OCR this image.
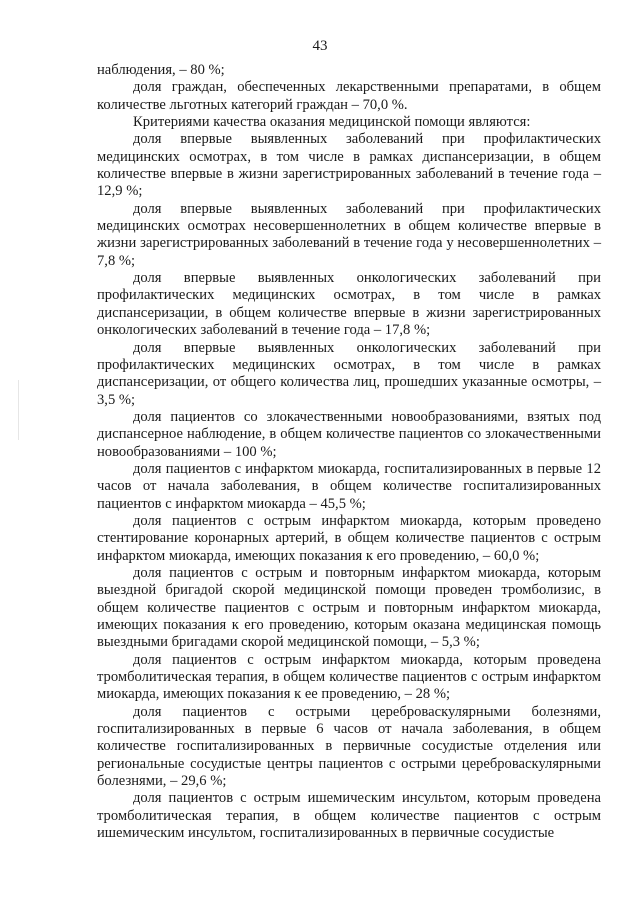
43

наблюдения, – 80 %;

доля граждан, обеспеченных лекарственными препаратами, в общем количестве льготных категорий граждан – 70,0 %.

Критериями качества оказания медицинской помощи являются:

доля впервые выявленных заболеваний при профилактических медицинских осмотрах, в том числе в рамках диспансеризации, в общем количестве впервые в жизни зарегистрированных заболеваний в течение года – 12,9 %;

доля впервые выявленных заболеваний при профилактических медицинских осмотрах несовершеннолетних в общем количестве впервые в жизни зарегистрированных заболеваний в течение года у несовершеннолетних – 7,8 %;

доля впервые выявленных онкологических заболеваний при профилактических медицинских осмотрах, в том числе в рамках диспансеризации, в общем количестве впервые в жизни зарегистрированных онкологических заболеваний в течение года – 17,8 %;

доля впервые выявленных онкологических заболеваний при профилактических медицинских осмотрах, в том числе в рамках диспансеризации, от общего количества лиц, прошедших указанные осмотры, – 3,5 %;

доля пациентов со злокачественными новообразованиями, взятых под диспансерное наблюдение, в общем количестве пациентов со злокачественными новообразованиями – 100 %;

доля пациентов с инфарктом миокарда, госпитализированных в первые 12 часов от начала заболевания, в общем количестве госпитализированных пациентов с инфарктом миокарда – 45,5 %;

доля пациентов с острым инфарктом миокарда, которым проведено стентирование коронарных артерий, в общем количестве пациентов с острым инфарктом миокарда, имеющих показания к его проведению, – 60,0 %;

доля пациентов с острым и повторным инфарктом миокарда, которым выездной бригадой скорой медицинской помощи проведен тромболизис, в общем количестве пациентов с острым и повторным инфарктом миокарда, имеющих показания к его проведению, которым оказана медицинская помощь выездными бригадами скорой медицинской помощи, – 5,3 %;

доля пациентов с острым инфарктом миокарда, которым проведена тромболитическая терапия, в общем количестве пациентов с острым инфарктом миокарда, имеющих показания к ее проведению, – 28 %;

доля пациентов с острыми цереброваскулярными болезнями, госпитализированных в первые 6 часов от начала заболевания, в общем количестве госпитализированных в первичные сосудистые отделения или региональные сосудистые центры пациентов с острыми цереброваскулярными болезнями, – 29,6 %;

доля пациентов с острым ишемическим инсультом, которым проведена тромболитическая терапия, в общем количестве пациентов с острым ишемическим инсультом, госпитализированных в первичные сосудистые
